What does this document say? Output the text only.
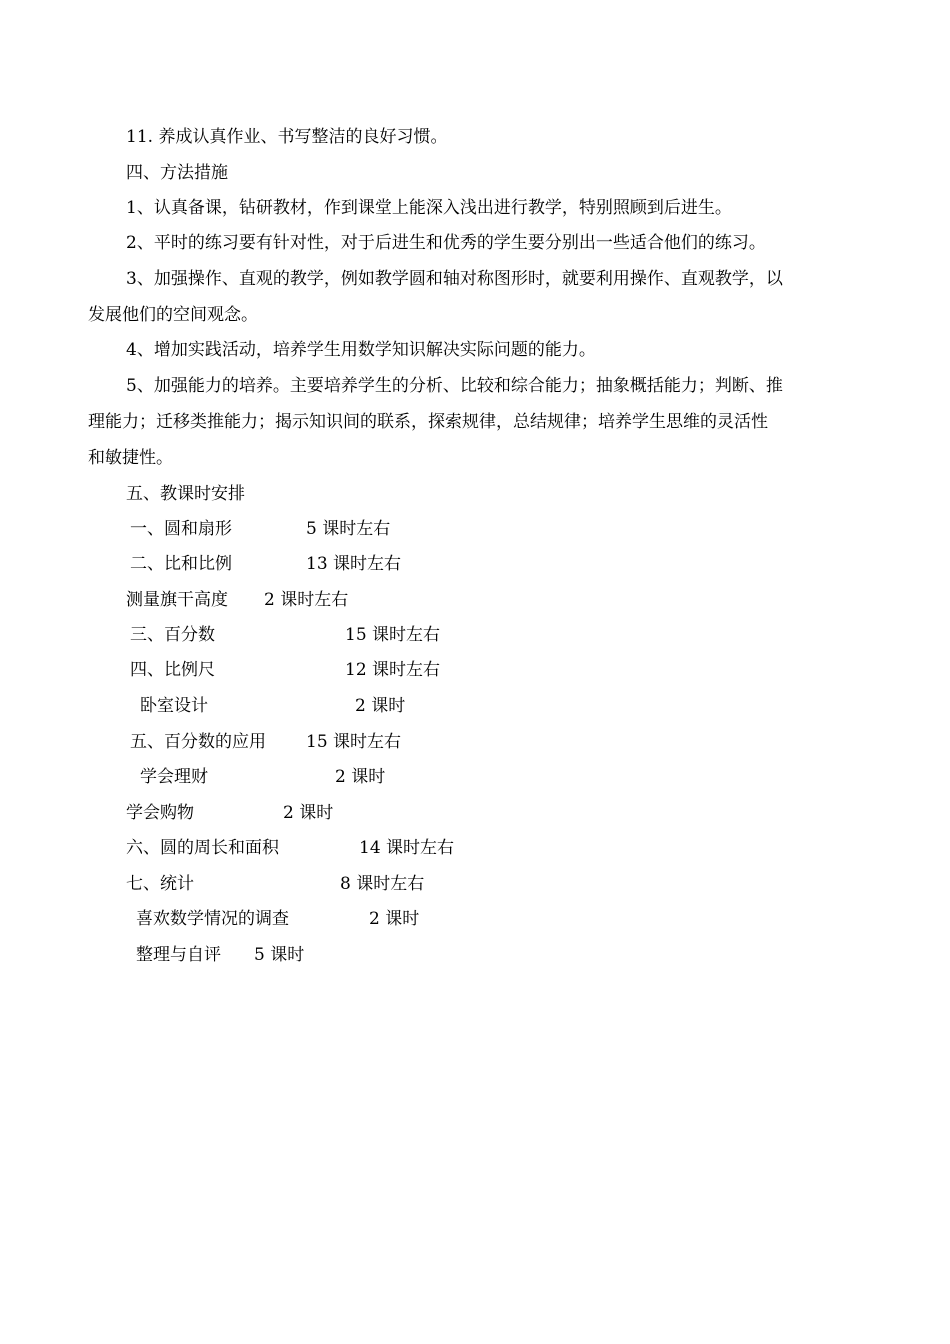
11. 养成认真作业、书写整洁的良好习惯。
四、方法措施
1、认真备课，钻研教材，作到课堂上能深入浅出进行教学，特别照顾到后进生。
2、平时的练习要有针对性，对于后进生和优秀的学生要分别出一些适合他们的练习。
3、加强操作、直观的教学，例如教学圆和轴对称图形时，就要利用操作、直观教学，以
发展他们的空间观念。
4、增加实践活动，培养学生用数学知识解决实际问题的能力。
5、加强能力的培养。主要培养学生的分析、比较和综合能力；抽象概括能力；判断、推
理能力；迁移类推能力；揭示知识间的联系，探索规律，总结规律；培养学生思维的灵活性
和敏捷性。
五、教课时安排
一、圆和扇形	5 课时左右
二、比和比例	13 课时左右
测量旗干高度 2 课时左右
三、百分数	15 课时左右
四、比例尺	12 课时左右
卧室设计	2 课时
五、百分数的应用 15 课时左右
学会理财	2 课时
学会购物	2 课时
六、圆的周长和面积	14 课时左右
七、统计	8 课时左右
喜欢数学情况的调查	2 课时
整理与自评 5 课时
